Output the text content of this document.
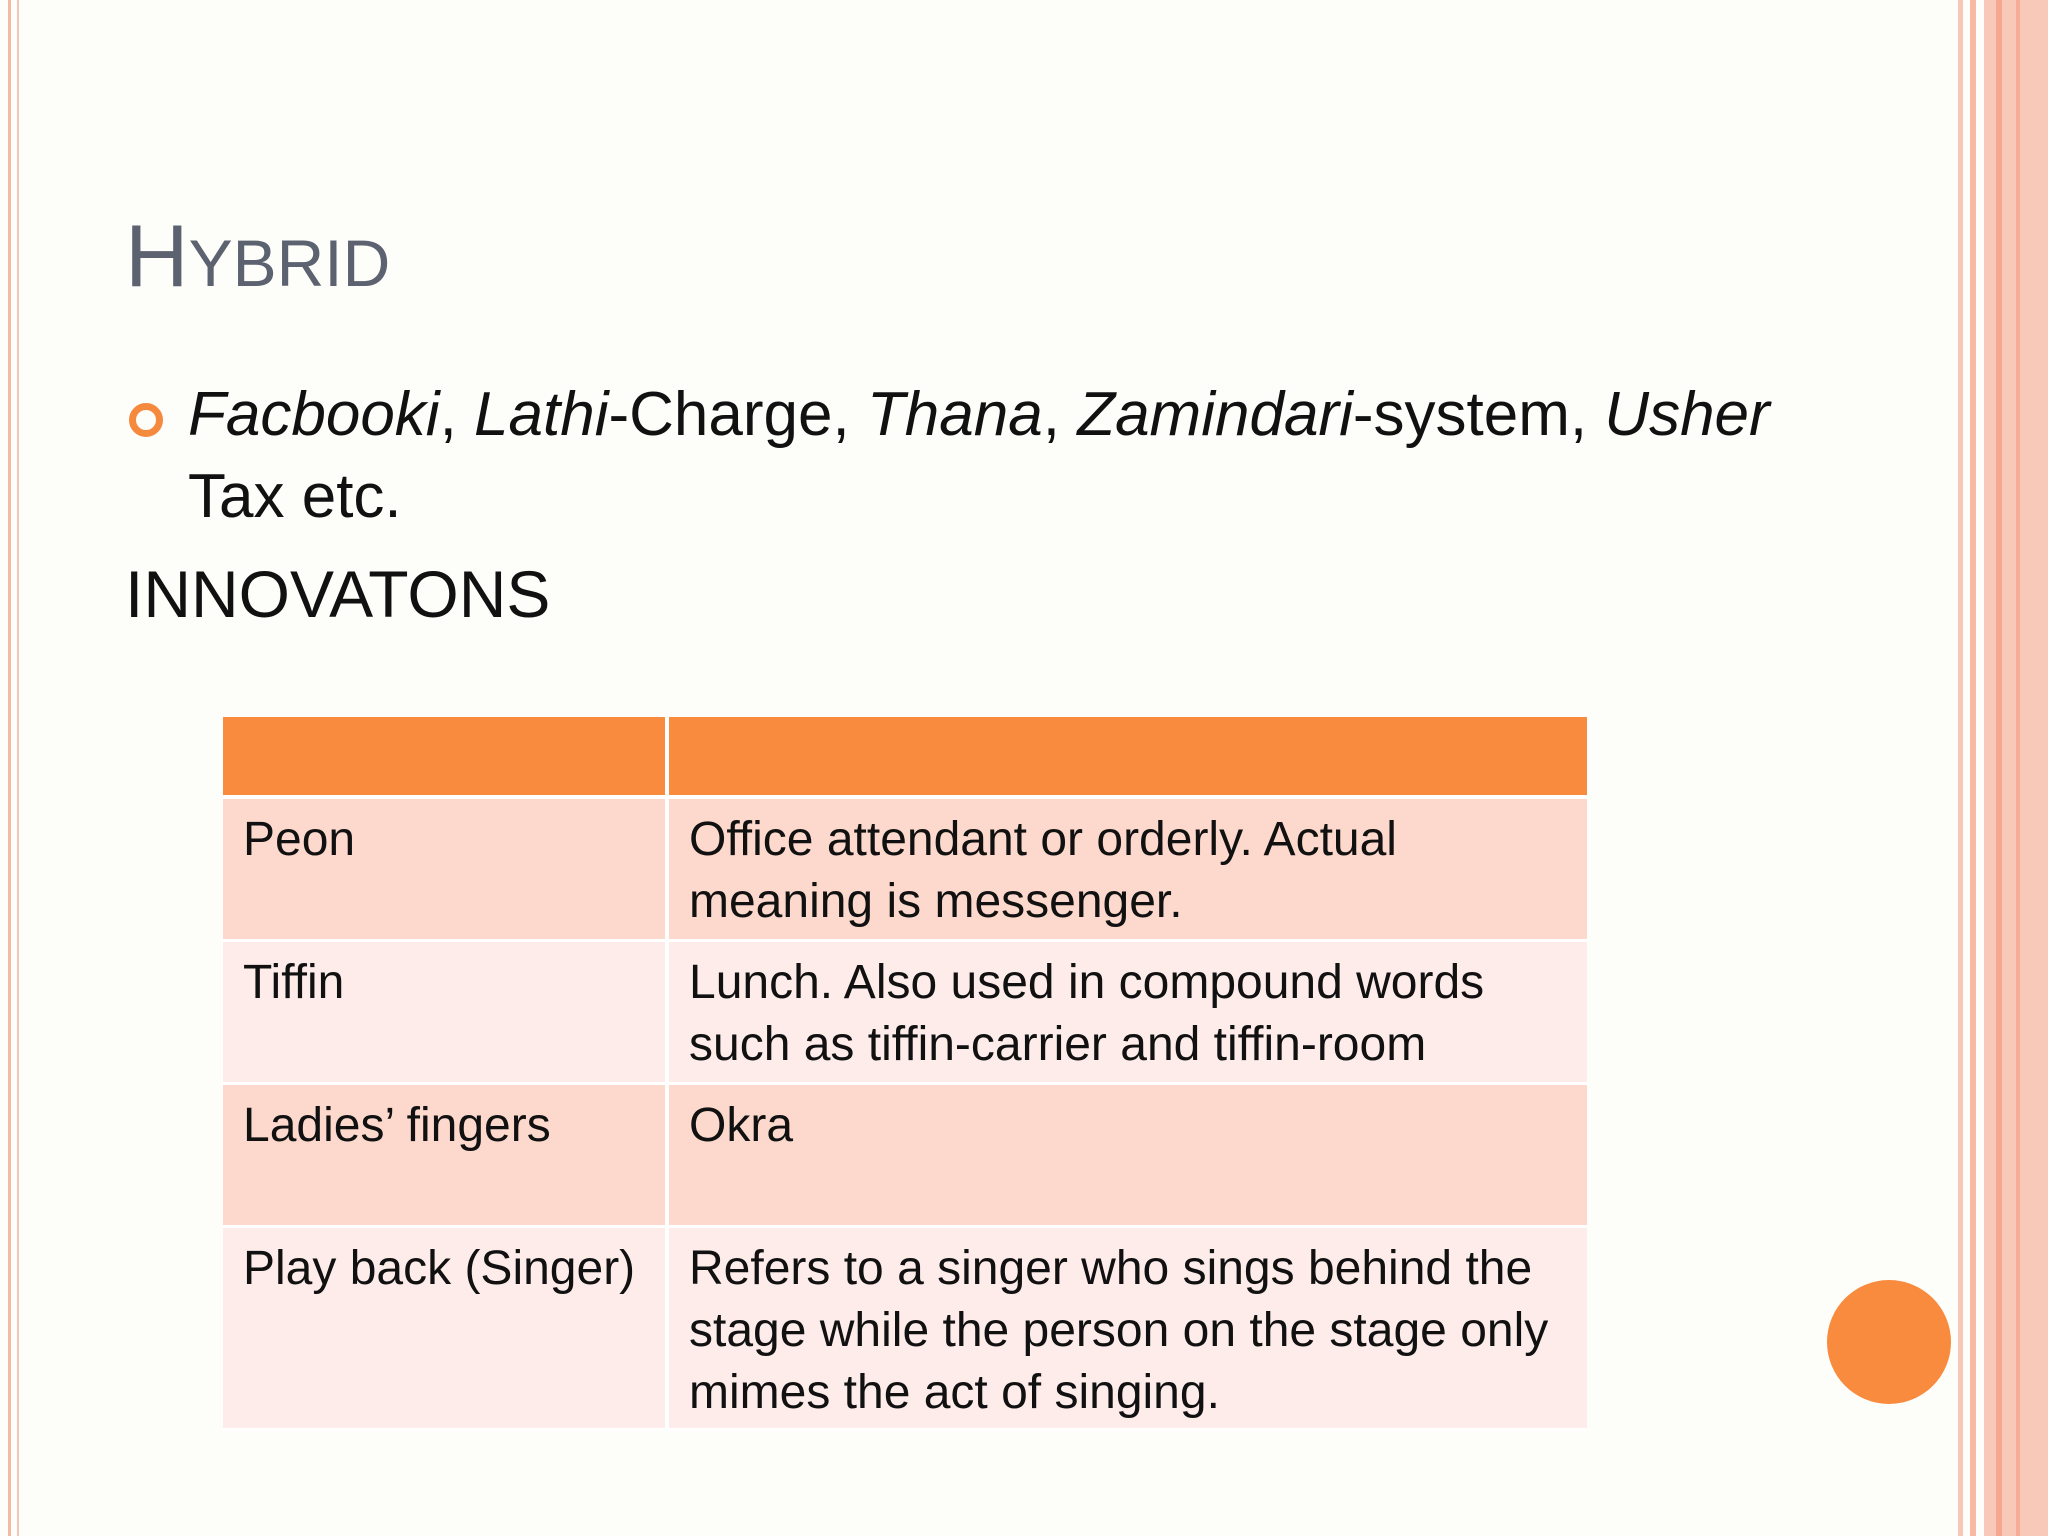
HYBRID

Facbooki, Lathi-Charge, Thana, Zamindari-system, Usher Tax etc.

INNOVATONS

Peon	Office attendant or orderly. Actual meaning is messenger.

Tiffin	Lunch. Also used in compound words such as tiffin-carrier and tiffin-room

Ladies’ fingers	Okra

Play back (Singer)	Refers to a singer who sings behind the stage while the person on the stage only mimes the act of singing.
